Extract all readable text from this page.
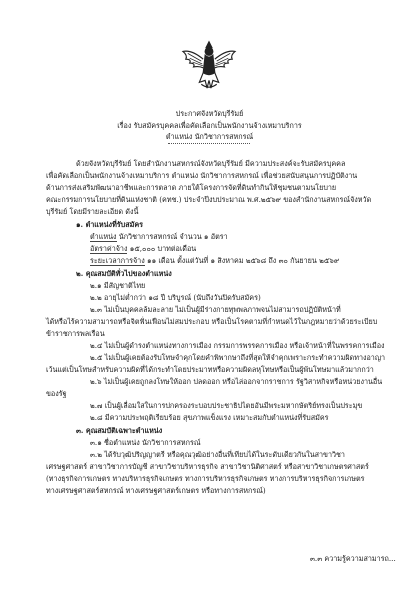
ประกาศจังหวัดบุรีรัมย์
เรื่อง รับสมัครบุคคลเพื่อคัดเลือกเป็นพนักงานจ้างเหมาบริการ
ตำแหน่ง นักวิชาการสหกรณ์
ด้วยจังหวัดบุรีรัมย์ โดยสำนักงานสหกรณ์จังหวัดบุรีรัมย์ มีความประสงค์จะรับสมัครบุคคล
เพื่อคัดเลือกเป็นพนักงานจ้างเหมาบริการ ตำแหน่ง นักวิชาการสหกรณ์ เพื่อช่วยสนับสนุนการปฏิบัติงาน
ด้านการส่งเสริมพัฒนาอาชีพและการตลาด ภายใต้โครงการจัดที่ดินทำกินให้ชุมชนตามนโยบาย
คณะกรรมการนโยบายที่ดินแห่งชาติ (คทช.) ประจำปีงบประมาณ พ.ศ.๒๕๖๙ ของสำนักงานสหกรณ์จังหวัด
บุรีรัมย์ โดยมีรายละเอียด ดังนี้
๑. ตำแหน่งที่รับสมัคร
ตำแหน่ง นักวิชาการสหกรณ์ จำนวน ๑ อัตรา
อัตราค่าจ้าง ๑๕,๐๐๐ บาทต่อเดือน
ระยะเวลาการจ้าง ๑๑ เดือน ตั้งแต่วันที่ ๑ สิงหาคม ๒๕๖๘ ถึง ๓๐ กันยายน ๒๕๖๙
๒. คุณสมบัติทั่วไปของตำแหน่ง
๒.๑ มีสัญชาติไทย
๒.๒ อายุไม่ต่ำกว่า ๑๘ ปี บริบูรณ์ (นับถึงวันปิดรับสมัคร)
๒.๓ ไม่เป็นบุคคลล้มละลาย ไม่เป็นผู้มีร่างกายทุพพลภาพจนไม่สามารถปฏิบัติหน้าที่
ได้หรือไร้ความสามารถหรือจิตฟั่นเฟือนไม่สมประกอบ หรือเป็นโรคตามที่กำหนดไว้ในกฎหมายว่าด้วยระเบียบ
ข้าราชการพลเรือน
๒.๔ ไม่เป็นผู้ดำรงตำแหน่งทางการเมือง กรรมการพรรคการเมือง หรือเจ้าหน้าที่ในพรรคการเมือง
๒.๕ ไม่เป็นผู้เคยต้องรับโทษจำคุกโดยคำพิพากษาถึงที่สุดให้จำคุกเพราะกระทำความผิดทางอาญา
เว้นแต่เป็นโทษสำหรับความผิดที่ได้กระทำโดยประมาทหรือความผิดลหุโทษหรือเป็นผู้พ้นโทษมาแล้วมากกว่า
๒.๖ ไม่เป็นผู้เคยถูกลงโทษให้ออก ปลดออก หรือไล่ออกจากราชการ รัฐวิสาหกิจหรือหน่วยงานอื่น
ของรัฐ
๒.๗ เป็นผู้เลื่อมใสในการปกครองระบอบประชาธิปไตยอันมีพระมหากษัตริย์ทรงเป็นประมุข
๒.๘ มีความประพฤติเรียบร้อย สุขภาพแข็งแรง เหมาะสมกับตำแหน่งที่รับสมัคร
๓. คุณสมบัติเฉพาะตำแหน่ง
๓.๑ ชื่อตำแหน่ง นักวิชาการสหกรณ์
๓.๒ ได้รับวุฒิปริญญาตรี หรือคุณวุฒิอย่างอื่นที่เทียบได้ในระดับเดียวกันในสาขาวิชา
เศรษฐศาสตร์ สาขาวิชาการบัญชี สาขาวิชาบริหารธุรกิจ สาขาวิชานิติศาสตร์ หรือสาขาวิชาเกษตรศาสตร์
(ทางธุรกิจการเกษตร ทางบริหารธุรกิจเกษตร ทางการบริหารธุรกิจเกษตร ทางการบริหารธุรกิจการเกษตร
ทางเศรษฐศาสตร์สหกรณ์ ทางเศรษฐศาสตร์เกษตร หรือทางการสหกรณ์)
๓.๓ ความรู้ความสามารถ...
